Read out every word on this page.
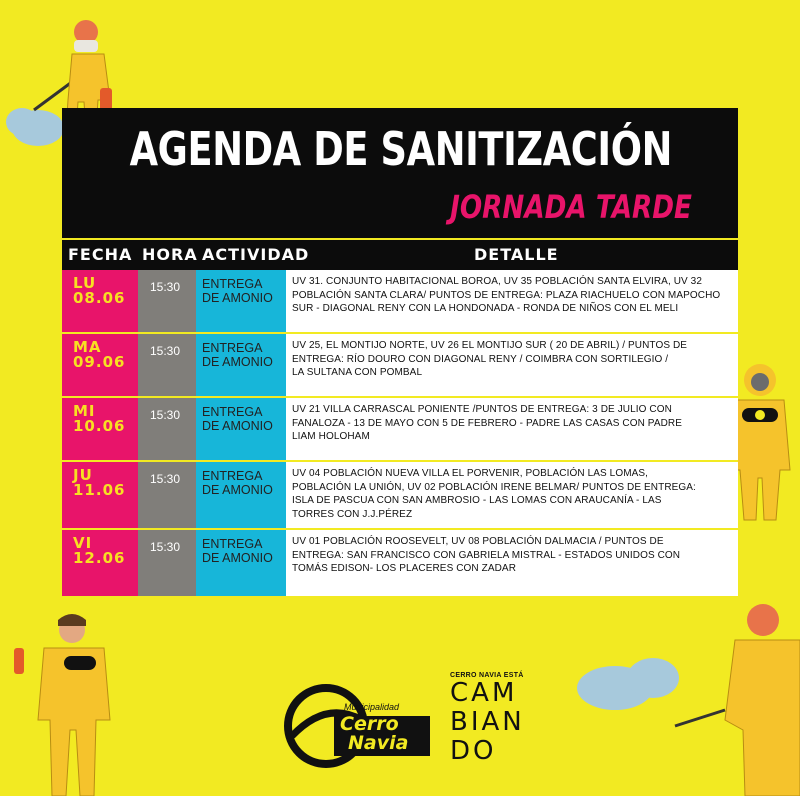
AGENDA DE SANITIZACIÓN
JORNADA TARDE
FECHA HORA ACTIVIDAD	DETALLE
LU
08.06
15:30 ENTREGA
DE AMONIO
UV 31. CONJUNTO HABITACIONAL BOROA, UV 35 POBLACIÓN SANTA ELVIRA, UV 32
POBLACIÓN SANTA CLARA/ PUNTOS DE ENTREGA: PLAZA RIACHUELO CON MAPOCHO
SUR - DIAGONAL RENY CON LA HONDONADA - RONDA DE NIÑOS CON EL MELI
MA
09.06
15:30 ENTREGA
DE AMONIO
UV 25, EL MONTIJO NORTE, UV 26 EL MONTIJO SUR ( 20 DE ABRIL) / PUNTOS DE
ENTREGA: RÍO DOURO CON DIAGONAL RENY / COIMBRA CON SORTILEGIO /
LA SULTANA CON POMBAL
MI
10.06
15:30 ENTREGA
DE AMONIO
UV 21 VILLA CARRASCAL PONIENTE /PUNTOS DE ENTREGA: 3 DE JULIO CON
FANALOZA - 13 DE MAYO CON 5 DE FEBRERO - PADRE LAS CASAS CON PADRE
LIAM HOLOHAM
JU
11.06
15:30 ENTREGA
DE AMONIO
UV 04 POBLACIÓN NUEVA VILLA EL PORVENIR, POBLACIÓN LAS LOMAS,
POBLACIÓN LA UNIÓN, UV 02 POBLACIÓN IRENE BELMAR/ PUNTOS DE ENTREGA:
ISLA DE PASCUA CON SAN AMBROSIO - LAS LOMAS CON ARAUCANÍA - LAS
TORRES CON J.J.PÉREZ
VI
12.06
15:30 ENTREGA
DE AMONIO
UV 01 POBLACIÓN ROOSEVELT, UV 08 POBLACIÓN DALMACIA / PUNTOS DE
ENTREGA: SAN FRANCISCO CON GABRIELA MISTRAL - ESTADOS UNIDOS CON
TOMÁS EDISON- LOS PLACERES CON ZADAR
Municipalidad
Cerro
Navia
CERRO NAVIA ESTÁ
CAM
BIAN
DO
